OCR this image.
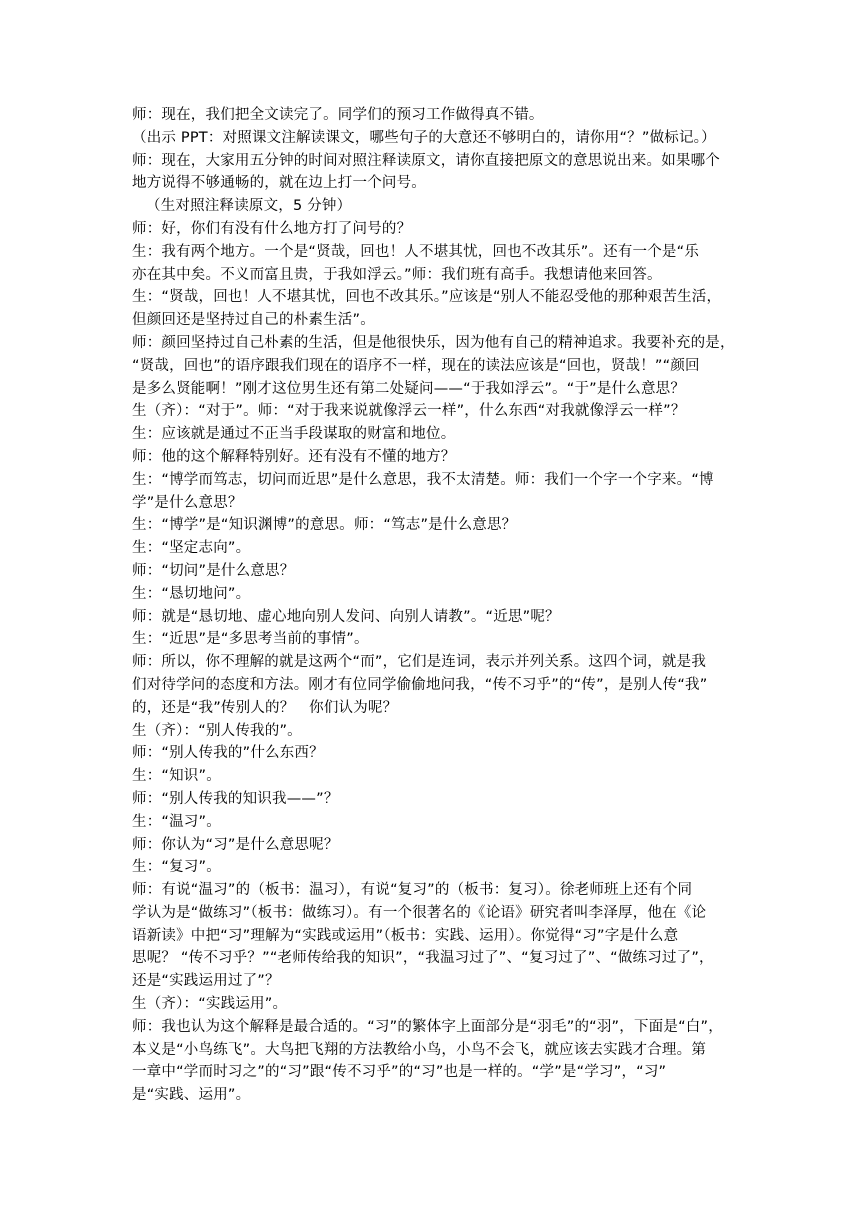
师：现在，我们把全文读完了。同学们的预习工作做得真不错。
（出示 PPT：对照课文注解读课文，哪些句子的大意还不够明白的，请你用“？”做标记。）
师：现在，大家用五分钟的时间对照注释读原文，请你直接把原文的意思说出来。如果哪个
地方说得不够通畅的，就在边上打一个问号。
（生对照注释读原文，5 分钟）
师：好，你们有没有什么地方打了问号的？
生：我有两个地方。一个是“贤哉，回也！人不堪其忧，回也不改其乐”。还有一个是“乐
亦在其中矣。不义而富且贵，于我如浮云。”师：我们班有高手。我想请他来回答。
生：“贤哉，回也！人不堪其忧，回也不改其乐。”应该是“别人不能忍受他的那种艰苦生活，
但颜回还是坚持过自己的朴素生活”。
师：颜回坚持过自己朴素的生活，但是他很快乐，因为他有自己的精神追求。我要补充的是，
“贤哉，回也”的语序跟我们现在的语序不一样，现在的读法应该是“回也，贤哉！”“颜回
是多么贤能啊！”刚才这位男生还有第二处疑问——“于我如浮云”。“于”是什么意思？
生（齐）：“对于”。师：“对于我来说就像浮云一样”，什么东西“对我就像浮云一样”？
生：应该就是通过不正当手段谋取的财富和地位。
师：他的这个解释特别好。还有没有不懂的地方？
生：“博学而笃志，切问而近思”是什么意思，我不太清楚。师：我们一个字一个字来。“博
学”是什么意思？
生：“博学”是“知识渊博”的意思。师：“笃志”是什么意思？
生：“坚定志向”。
师：“切问”是什么意思？
生：“恳切地问”。
师：就是“恳切地、虚心地向别人发问、向别人请教”。“近思”呢？
生：“近思”是“多思考当前的事情”。
师：所以，你不理解的就是这两个“而”，它们是连词，表示并列关系。这四个词，就是我
们对待学问的态度和方法。刚才有位同学偷偷地问我，“传不习乎”的“传”，是别人传“我”
的，还是“我”传别人的？　你们认为呢？
生（齐）：“别人传我的”。
师：“别人传我的”什么东西？
生：“知识”。
师：“别人传我的知识我——”？
生：“温习”。
师：你认为“习”是什么意思呢？
生：“复习”。
师：有说“温习”的（板书：温习），有说“复习”的（板书：复习）。徐老师班上还有个同
学认为是“做练习”（板书：做练习）。有一个很著名的《论语》研究者叫李泽厚，他在《论
语新读》中把“习”理解为“实践或运用”（板书：实践、运用）。你觉得“习”字是什么意
思呢？ “传不习乎？”“老师传给我的知识”，“我温习过了”、“复习过了”、“做练习过了”，
还是“实践运用过了”？
生（齐）：“实践运用”。
师：我也认为这个解释是最合适的。“习”的繁体字上面部分是“羽毛”的“羽”，下面是“白”，
本义是“小鸟练飞”。大鸟把飞翔的方法教给小鸟，小鸟不会飞，就应该去实践才合理。第
一章中“学而时习之”的“习”跟“传不习乎”的“习”也是一样的。“学”是“学习”，“习”
是“实践、运用”。
